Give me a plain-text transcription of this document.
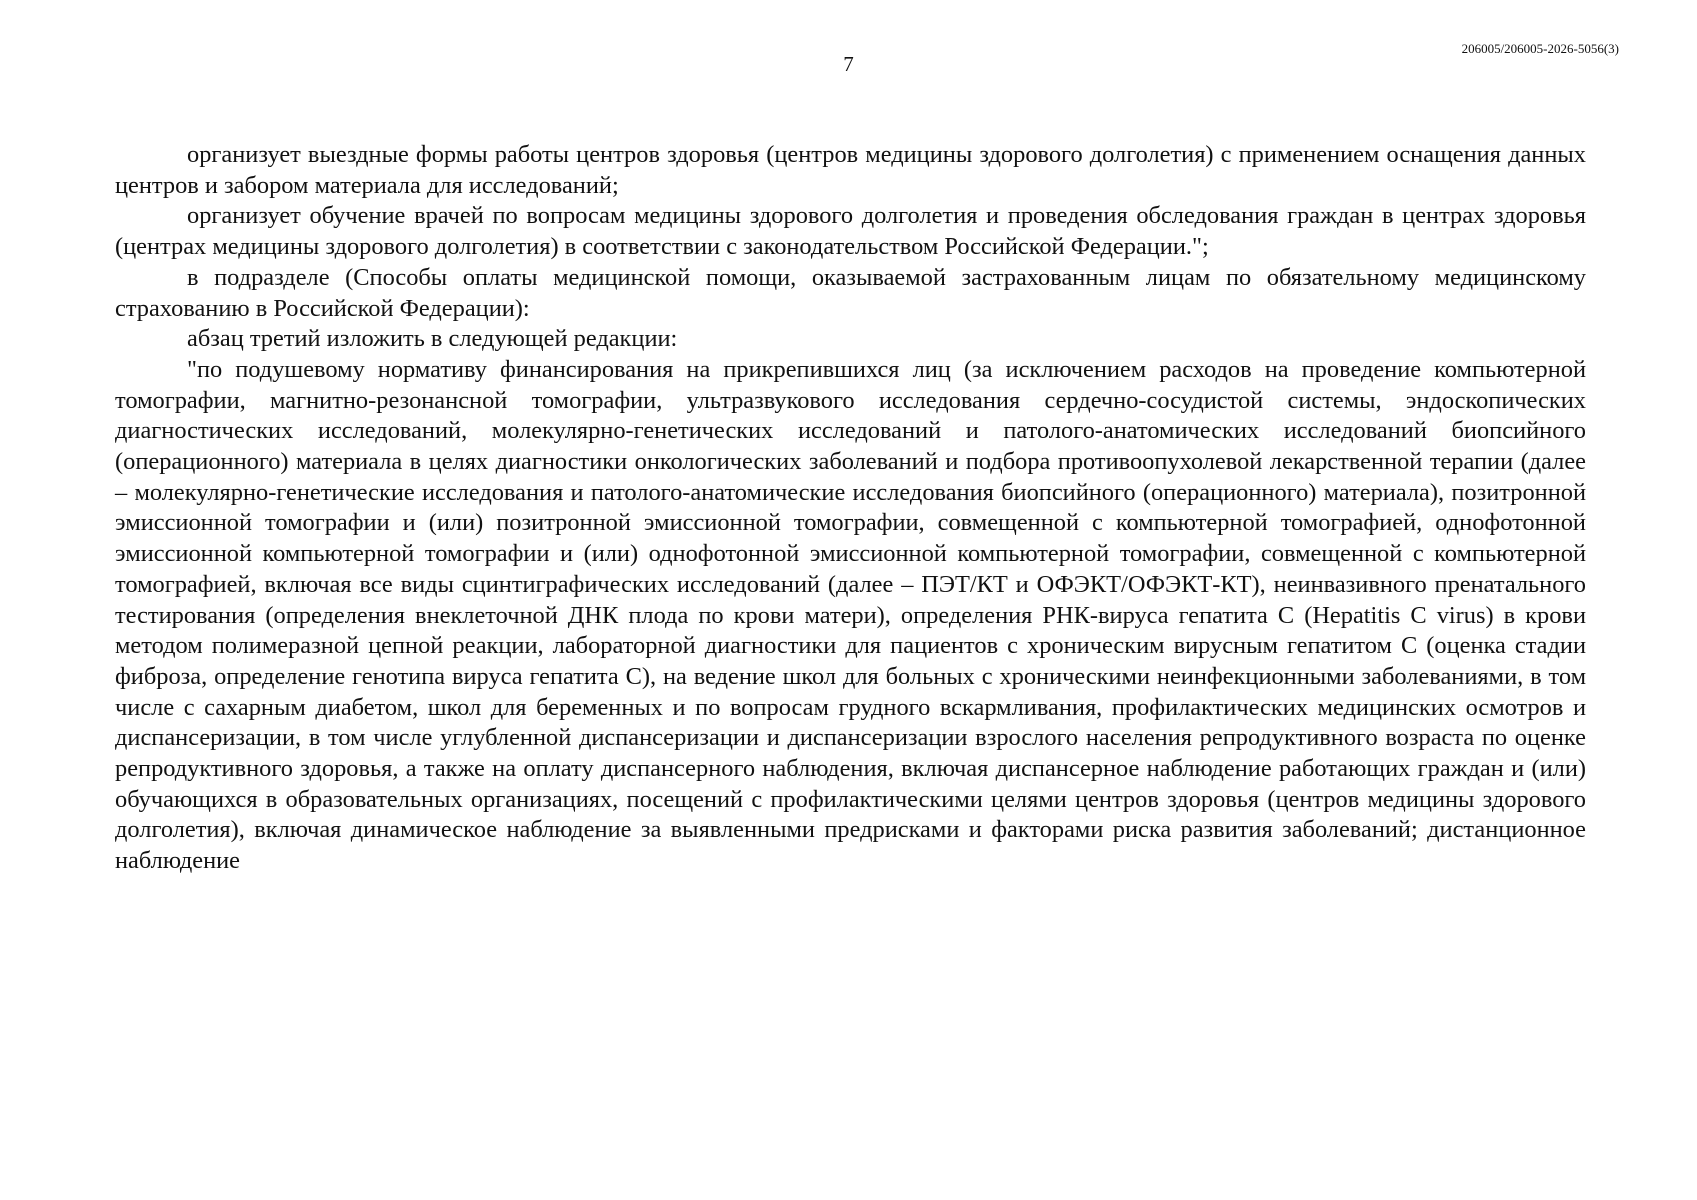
7
206005/206005-2026-5056(3)

организует выездные формы работы центров здоровья (центров медицины здорового долголетия) с применением оснащения данных центров и забором материала для исследований;

организует обучение врачей по вопросам медицины здорового долголетия и проведения обследования граждан в центрах здоровья (центрах медицины здорового долголетия) в соответствии с законодательством Российской Федерации.";

в подразделе (Способы оплаты медицинской помощи, оказываемой застрахованным лицам по обязательному медицинскому страхованию в Российской Федерации):

абзац третий изложить в следующей редакции:

"по подушевому нормативу финансирования на прикрепившихся лиц (за исключением расходов на проведение компьютерной томографии, магнитно-резонансной томографии, ультразвукового исследования сердечно-сосудистой системы, эндоскопических диагностических исследований, молекулярно-генетических исследований и патолого-анатомических исследований биопсийного (операционного) материала в целях диагностики онкологических заболеваний и подбора противоопухолевой лекарственной терапии (далее – молекулярно-генетические исследования и патолого-анатомические исследования биопсийного (операционного) материала), позитронной эмиссионной томографии и (или) позитронной эмиссионной томографии, совмещенной с компьютерной томографией, однофотонной эмиссионной компьютерной томографии и (или) однофотонной эмиссионной компьютерной томографии, совмещенной с компьютерной томографией, включая все виды сцинтиграфических исследований (далее – ПЭТ/КТ и ОФЭКТ/ОФЭКТ-КТ), неинвазивного пренатального тестирования (определения внеклеточной ДНК плода по крови матери), определения РНК-вируса гепатита С (Hepatitis C virus) в крови методом полимеразной цепной реакции, лабораторной диагностики для пациентов с хроническим вирусным гепатитом С (оценка стадии фиброза, определение генотипа вируса гепатита С), на ведение школ для больных с хроническими неинфекционными заболеваниями, в том числе с сахарным диабетом, школ для беременных и по вопросам грудного вскармливания, профилактических медицинских осмотров и диспансеризации, в том числе углубленной диспансеризации и диспансеризации взрослого населения репродуктивного возраста по оценке репродуктивного здоровья, а также на оплату диспансерного наблюдения, включая диспансерное наблюдение работающих граждан и (или) обучающихся в образовательных организациях, посещений с профилактическими целями центров здоровья (центров медицины здорового долголетия), включая динамическое наблюдение за выявленными предрисками и факторами риска развития заболеваний; дистанционное наблюдение
